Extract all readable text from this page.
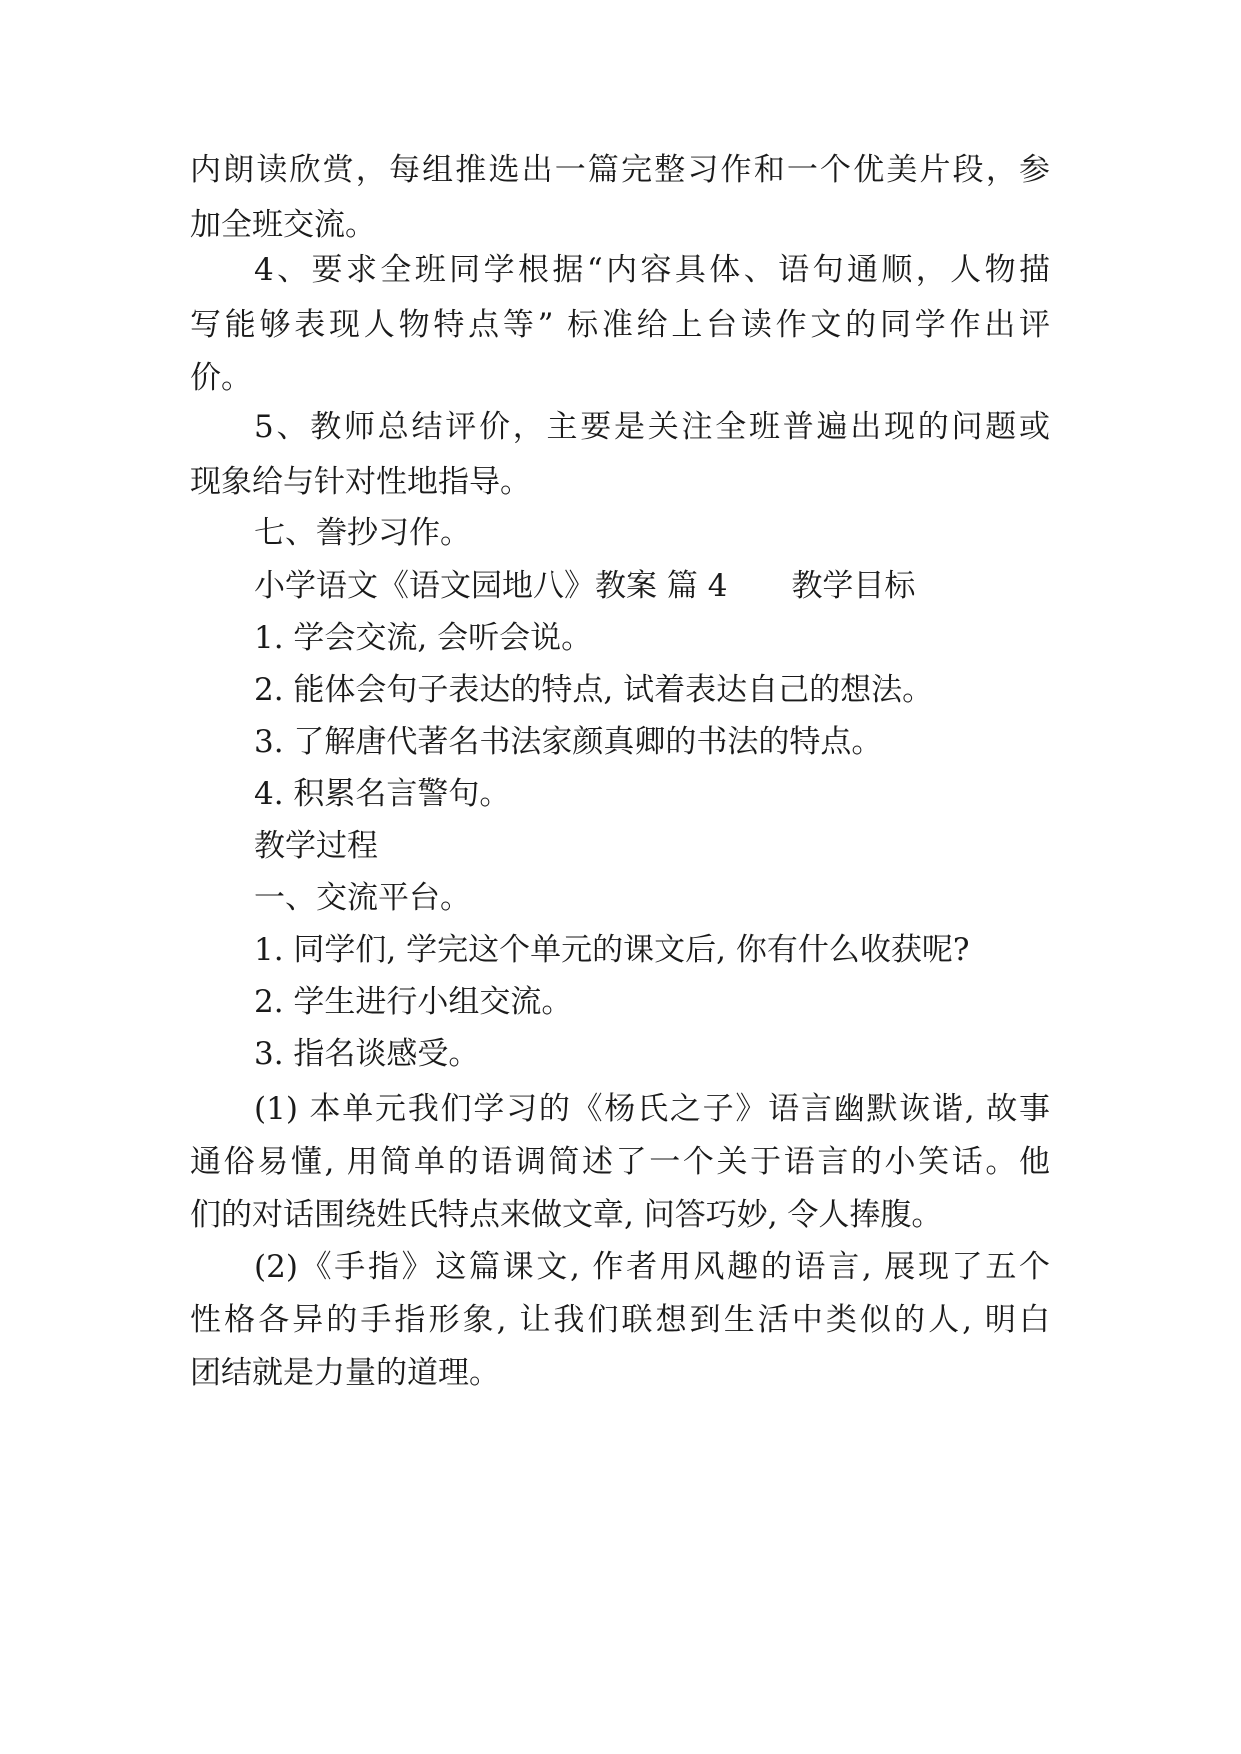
内朗读欣赏，每组推选出一篇完整习作和一个优美片段，参
加全班交流。
4、要求全班同学根据“内容具体、语句通顺，人物描
写能够表现人物特点等” 标准给上台读作文的同学作出评
价。
5、教师总结评价，主要是关注全班普遍出现的问题或
现象给与针对性地指导。
七、誊抄习作。
小学语文《语文园地八》教案 篇 4 教学目标
1. 学会交流, 会听会说。
2. 能体会句子表达的特点, 试着表达自己的想法。
3. 了解唐代著名书法家颜真卿的书法的特点。
4. 积累名言警句。
教学过程
一、交流平台。
1. 同学们, 学完这个单元的课文后, 你有什么收获呢?
2. 学生进行小组交流。
3. 指名谈感受。
(1) 本单元我们学习的《杨氏之子》语言幽默诙谐, 故事
通俗易懂, 用简单的语调简述了一个关于语言的小笑话。他
们的对话围绕姓氏特点来做文章, 问答巧妙, 令人捧腹。
(2)《手指》这篇课文, 作者用风趣的语言, 展现了五个
性格各异的手指形象, 让我们联想到生活中类似的人, 明白
团结就是力量的道理。
